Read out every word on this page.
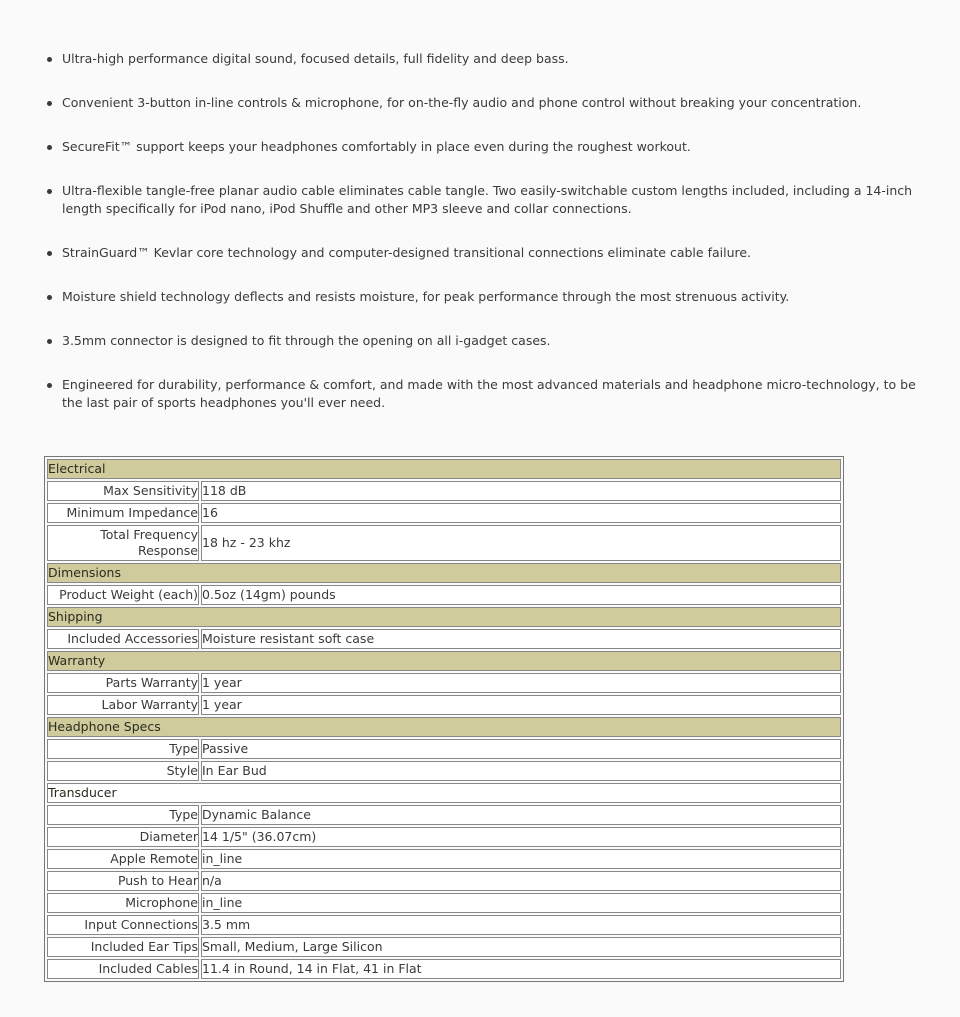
Ultra-high performance digital sound, focused details, full fidelity and deep bass.
Convenient 3-button in-line controls & microphone, for on-the-fly audio and phone control without breaking your concentration.
SecureFit™ support keeps your headphones comfortably in place even during the roughest workout.
Ultra-flexible tangle-free planar audio cable eliminates cable tangle. Two easily-switchable custom lengths included, including a 14-inch length specifically for iPod nano, iPod Shuffle and other MP3 sleeve and collar connections.
StrainGuard™ Kevlar core technology and computer-designed transitional connections eliminate cable failure.
Moisture shield technology deflects and resists moisture, for peak performance through the most strenuous activity.
3.5mm connector is designed to fit through the opening on all i-gadget cases.
Engineered for durability, performance & comfort, and made with the most advanced materials and headphone micro-technology, to be the last pair of sports headphones you'll ever need.
Electrical	
Max Sensitivity	118 dB
Minimum Impedance	16
Total Frequency Response	18 hz - 23 khz
Dimensions	
Product Weight (each)	0.5oz (14gm) pounds
Shipping	
Included Accessories	Moisture resistant soft case
Warranty	
Parts Warranty	1 year
Labor Warranty	1 year
Headphone Specs	
Type	Passive
Style	In Ear Bud
Transducer	
Type	Dynamic Balance
Diameter	14 1/5" (36.07cm)
Apple Remote	in_line
Push to Hear	n/a
Microphone	in_line
Input Connections	3.5 mm
Included Ear Tips	Small, Medium, Large Silicon
Included Cables	11.4 in Round, 14 in Flat, 41 in Flat
